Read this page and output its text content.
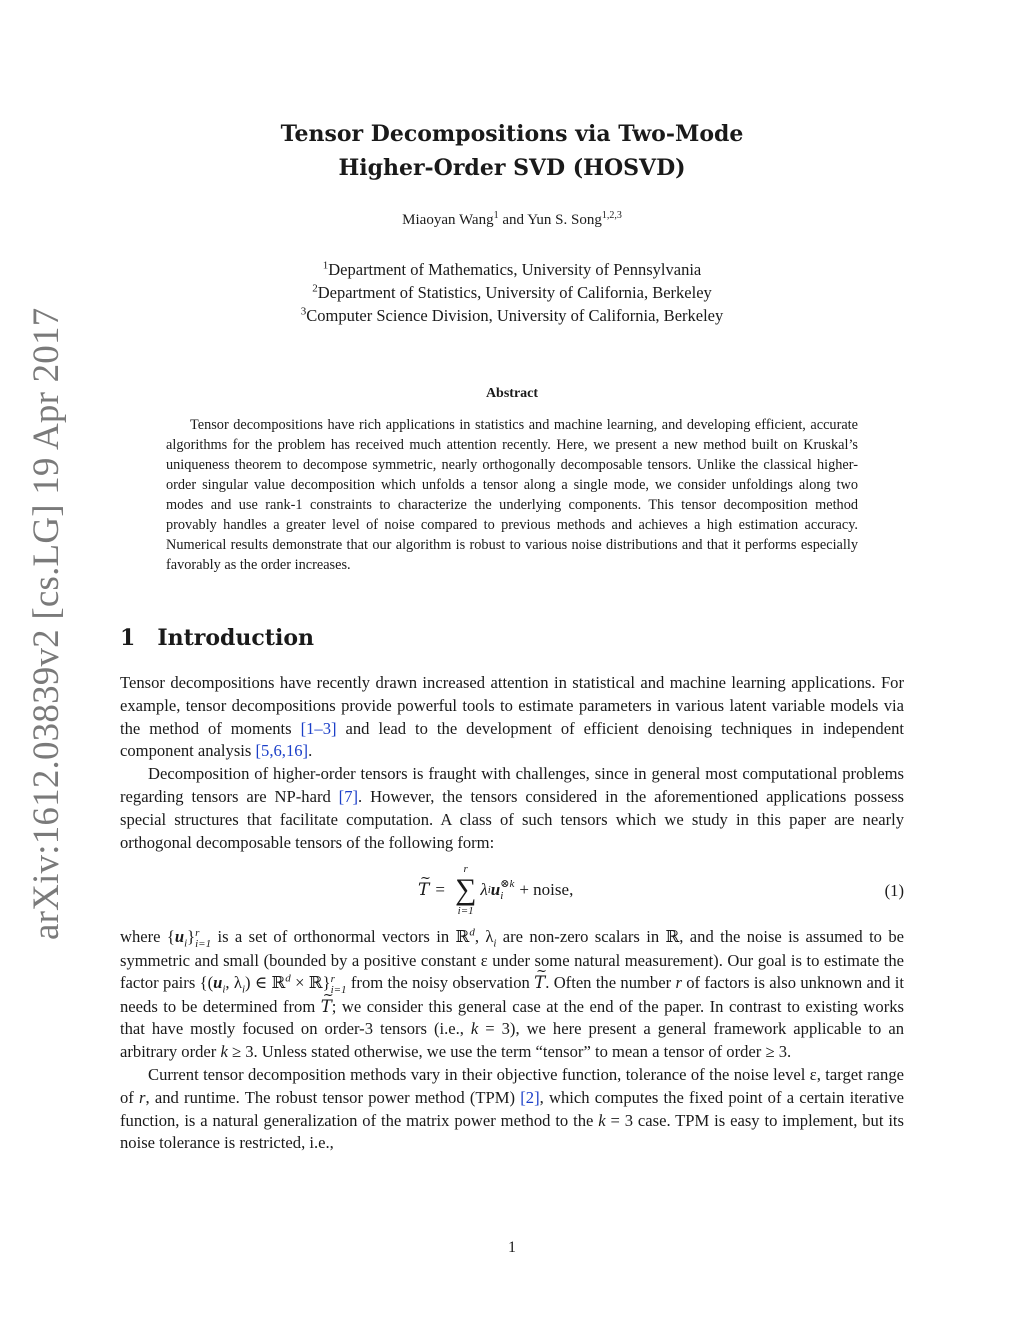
arXiv:1612.03839v2 [cs.LG] 19 Apr 2017
Tensor Decompositions via Two-Mode
Higher-Order SVD (HOSVD)
Miaoyan Wang$^1$ and Yun S. Song$^{1,2,3}$
$^1$Department of Mathematics, University of Pennsylvania
$^2$Department of Statistics, University of California, Berkeley
$^3$Computer Science Division, University of California, Berkeley
Abstract

Tensor decompositions have rich applications in statistics and machine learning, and developing efficient, accurate algorithms for the problem has received much attention recently. Here, we present a new method built on Kruskal’s uniqueness theorem to decompose symmetric, nearly orthogonally decomposable tensors. Unlike the classical higher-order singular value decomposition which unfolds a tensor along a single mode, we consider unfoldings along two modes and use rank-1 constraints to characterize the underlying components. This tensor decomposition method provably handles a greater level of noise compared to previous methods and achieves a high estimation accuracy. Numerical results demonstrate that our algorithm is robust to various noise distributions and that it performs especially favorably as the order increases.

1 Introduction

Tensor decompositions have recently drawn increased attention in statistical and machine learning applications. For example, tensor decompositions provide powerful tools to estimate parameters in various latent variable models via the method of moments [1–3] and lead to the development of efficient denoising techniques in independent component analysis [5,6,16].

Decomposition of higher-order tensors is fraught with challenges, since in general most computational problems regarding tensors are NP-hard [7]. However, the tensors considered in the aforementioned applications possess special structures that facilitate computation. A class of such tensors which we study in this paper are nearly orthogonal decomposable tensors of the following form:

~ T =
r
∑
i=1
λ i u ⊗k
i + noise,	(1)

where $\{u_i\}$ r
i=1 is a set of orthonormal vectors in ℝ$^d$, $\lambda_i$ are non-zero scalars in ℝ, and the noise is assumed to be symmetric and small (bounded by a positive constant ε under some natural measurement). Our goal is to estimate the factor pairs {($u_i$, $\lambda_i$) ∈ ℝ$^d$ × ℝ} r
i=1 from the noisy observation ~ T. Often the number r of factors is also unknown and it needs to be determined from ~ T; we consider this general case at the end of the paper. In contrast to existing works that have mostly focused on order-3 tensors (i.e., k = 3), we here present a general framework applicable to an arbitrary order k ≥ 3. Unless stated otherwise, we use the term “tensor” to mean a tensor of order ≥ 3.

Current tensor decomposition methods vary in their objective function, tolerance of the noise level ε, target range of r, and runtime. The robust tensor power method (TPM) [2], which computes the fixed point of a certain iterative function, is a natural generalization of the matrix power method to the k = 3 case. TPM is easy to implement, but its noise tolerance is restricted, i.e.,

1
